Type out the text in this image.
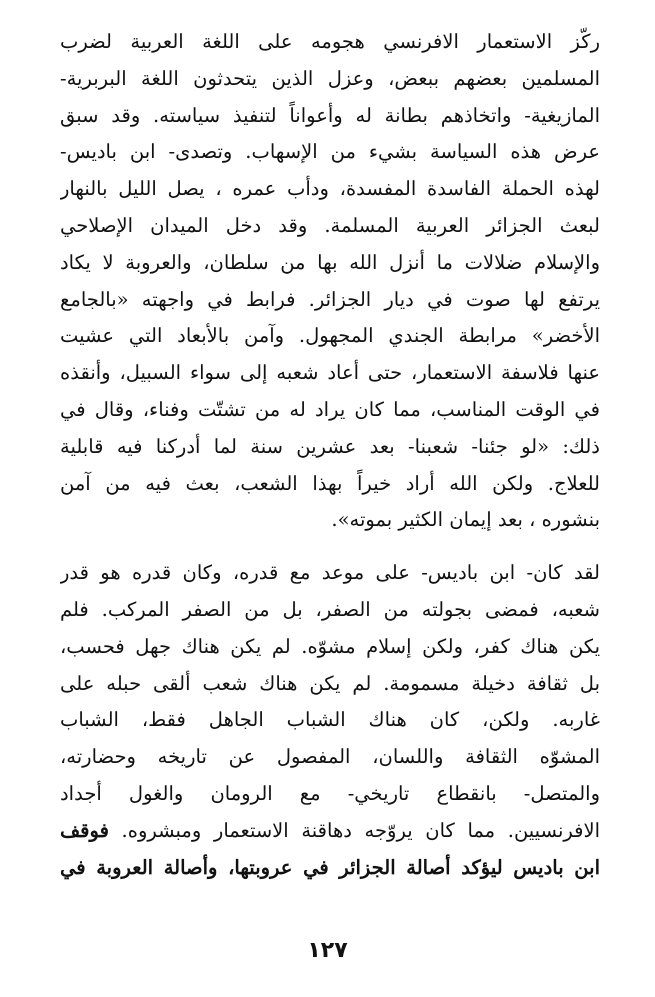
ركّز الاستعمار الافرنسي هجومه على اللغة العربية لضرب
المسلمين بعضهم ببعض، وعزل الذين يتحدثون اللغة البربرية-
المازيغية- واتخاذهم بطانة له وأعواناً لتنفيذ سياسته. وقد سبق
عرض هذه السياسة بشيء من الإسهاب. وتصدى- ابن باديس-
لهذه الحملة الفاسدة المفسدة، ودأب عمره ، يصل الليل بالنهار
لبعث الجزائر العربية المسلمة. وقد دخل الميدان الإصلاحي
والإسلام ضلالات ما أنزل الله بها من سلطان، والعروبة لا يكاد
يرتفع لها صوت في ديار الجزائر. فرابط في واجهته «بالجامع
الأخضر» مرابطة الجندي المجهول. وآمن بالأبعاد التي عشيت
عنها فلاسفة الاستعمار، حتى أعاد شعبه إلى سواء السبيل، وأنقذه
في الوقت المناسب، مما كان يراد له من تشتّت وفناء، وقال في
ذلك: «لو جئنا- شعبنا- بعد عشرين سنة لما أدركنا فيه قابلية
للعلاج. ولكن الله أراد خيراً بهذا الشعب، بعث فيه من آمن
بنشوره ، بعد إيمان الكثير بموته».
لقد كان- ابن باديس- على موعد مع قدره، وكان قدره هو قدر
شعبه، فمضى بجولته من الصفر، بل من الصفر المركب. فلم
يكن هناك كفر، ولكن إسلام مشوّه. لم يكن هناك جهل فحسب،
بل ثقافة دخيلة مسمومة. لم يكن هناك شعب ألقى حبله على
غاربه. ولكن، كان هناك الشباب الجاهل فقط، الشباب
المشوّه الثقافة واللسان، المفصول عن تاريخه وحضارته،
والمتصل- بانقطاع تاريخي- مع الرومان والغول أجداد
الافرنسيين. مما كان يروّجه دهاقنة الاستعمار ومبشروه. فوقف
ابن باديس ليؤكد أصالة الجزائر في عروبتها، وأصالة العروبة في
١٢٧
